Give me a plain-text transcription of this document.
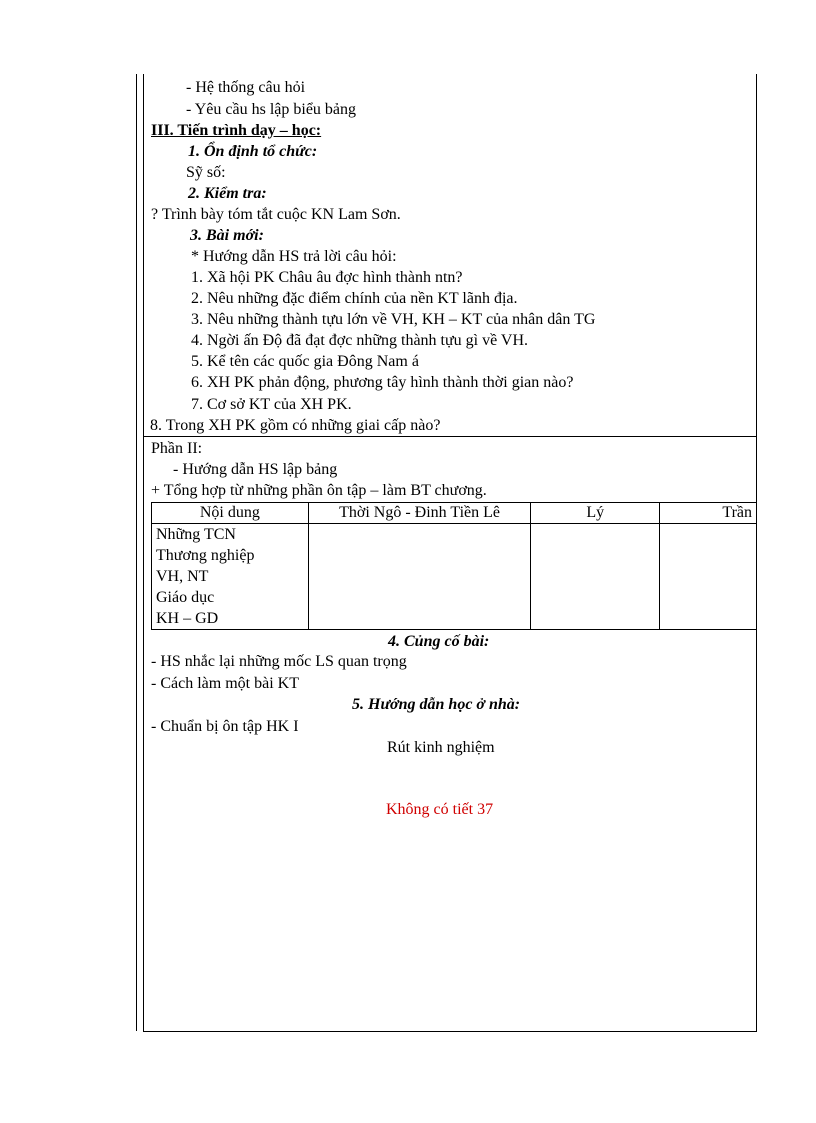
- Hệ thống câu hỏi
- Yêu cầu hs lập biểu bảng
III. Tiến trình dạy – học:
1. Ổn định tổ chức:
Sỹ số:
2. Kiểm tra:
? Trình bày tóm tắt cuộc KN Lam Sơn.
3. Bài mới:
* Hướng dẫn HS trả lời câu hỏi:
1. Xã hội PK Châu âu đợc hình thành ntn?
2. Nêu những đặc điểm chính của nền KT lãnh địa.
3. Nêu những thành tựu lớn về VH, KH – KT của nhân dân TG
4. Ngời ấn Độ đã đạt đợc những thành tựu gì về VH.
5. Kể tên các quốc gia Đông Nam á
6. XH PK phản động, phương tây hình thành thời gian nào?
7. Cơ sở KT của XH PK.
8. Trong XH PK gồm có những giai cấp nào?
Phần II:
- Hướng dẫn HS lập bảng
+ Tổng hợp từ những phần ôn tập – làm BT chương.
Nội dung	Thời Ngô - Đinh Tiền Lê	Lý	Trần

Những TCN
Thương nghiệp
VH, NT
Giáo dục
KH – GD			

4. Củng cố bài:
- HS nhắc lại những mốc LS quan trọng
- Cách làm một bài KT
5. Hướng dẫn học ở nhà:
- Chuẩn bị ôn tập HK I
Rút kinh nghiệm
Không có tiết 37
